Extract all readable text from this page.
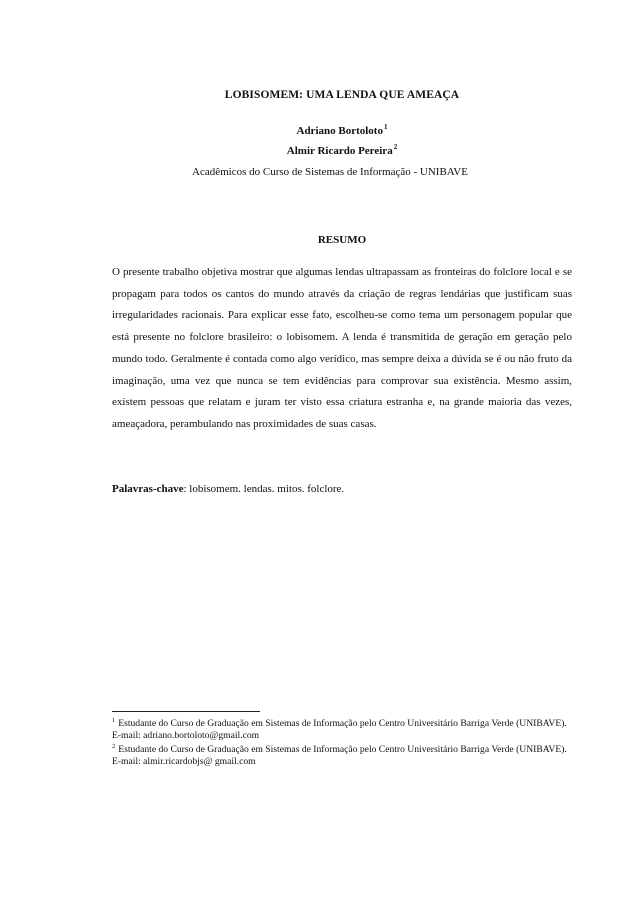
LOBISOMEM: UMA LENDA QUE AMEAÇA
Adriano Bortoloto$^1$
Almir Ricardo Pereira$^2$
Acadêmicos do Curso de Sistemas de Informação - UNIBAVE
RESUMO

O presente trabalho objetiva mostrar que algumas lendas ultrapassam as fronteiras do folclore local e se propagam para todos os cantos do mundo através da criação de regras lendárias que justificam suas irregularidades racionais. Para explicar esse fato, escolheu-se como tema um personagem popular que está presente no folclore brasileiro: o lobisomem. A lenda é transmitida de geração em geração pelo mundo todo. Geralmente é contada como algo verídico, mas sempre deixa a dúvida se é ou não fruto da imaginação, uma vez que nunca se tem evidências para comprovar sua existência. Mesmo assim, existem pessoas que relatam e juram ter visto essa criatura estranha e, na grande maioria das vezes, ameaçadora, perambulando nas proximidades de suas casas.

Palavras-chave: lobisomem. lendas. mitos. folclore.

$^1$ Estudante do Curso de Graduação em Sistemas de Informação pelo Centro Universitário Barriga Verde (UNIBAVE).

E-mail: adriano.bortoloto@gmail.com

$^2$ Estudante do Curso de Graduação em Sistemas de Informação pelo Centro Universitário Barriga Verde (UNIBAVE).

E-mail: almir.ricardobjs@ gmail.com
